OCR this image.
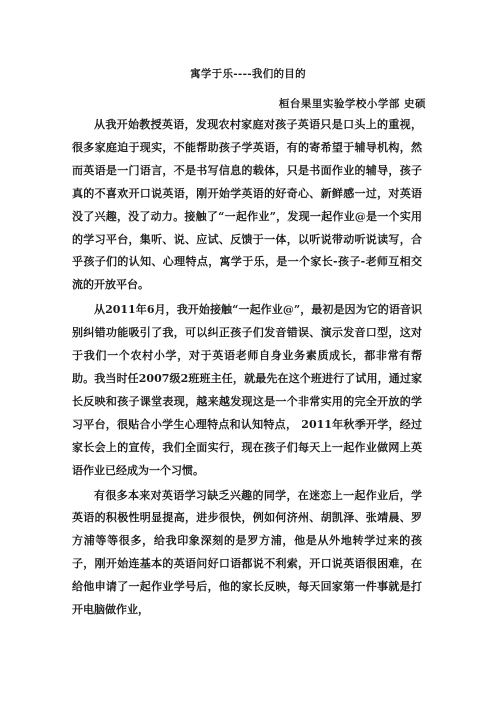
寓学于乐----我们的目的
桓台果里实验学校小学部 史硕

从我开始教授英语，发现农村家庭对孩子英语只是口头上的重视，很多家庭迫于现实，不能帮助孩子学英语，有的寄希望于辅导机构，然而英语是一门语言，不是书写信息的载体，只是书面作业的辅导，孩子真的不喜欢开口说英语，刚开始学英语的好奇心、新鲜感一过，对英语没了兴趣，没了动力。接触了“一起作业”，发现一起作业@是一个实用的学习平台，集听、说、应试、反馈于一体，以听说带动听说读写，合乎孩子们的认知、心理特点，寓学于乐，是一个家长-孩子-老师互相交流的开放平台。

从2011年6月，我开始接触“一起作业@”，最初是因为它的语音识别纠错功能吸引了我，可以纠正孩子们发音错误、演示发音口型，这对于我们一个农村小学，对于英语老师自身业务素质成长，都非常有帮助。我当时任2007级2班班主任，就最先在这个班进行了试用，通过家长反映和孩子课堂表现，越来越发现这是一个非常实用的完全开放的学习平台，很贴合小学生心理特点和认知特点， 2011年秋季开学，经过家长会上的宣传，我们全面实行，现在孩子们每天上一起作业做网上英语作业已经成为一个习惯。

有很多本来对英语学习缺乏兴趣的同学，在迷恋上一起作业后，学英语的积极性明显提高，进步很快，例如何济州、胡凯泽、张靖晨、罗方浦等等很多，给我印象深刻的是罗方浦，他是从外地转学过来的孩子，刚开始连基本的英语问好口语都说不利索，开口说英语很困难，在给他申请了一起作业学号后，他的家长反映，每天回家第一件事就是打开电脑做作业，
